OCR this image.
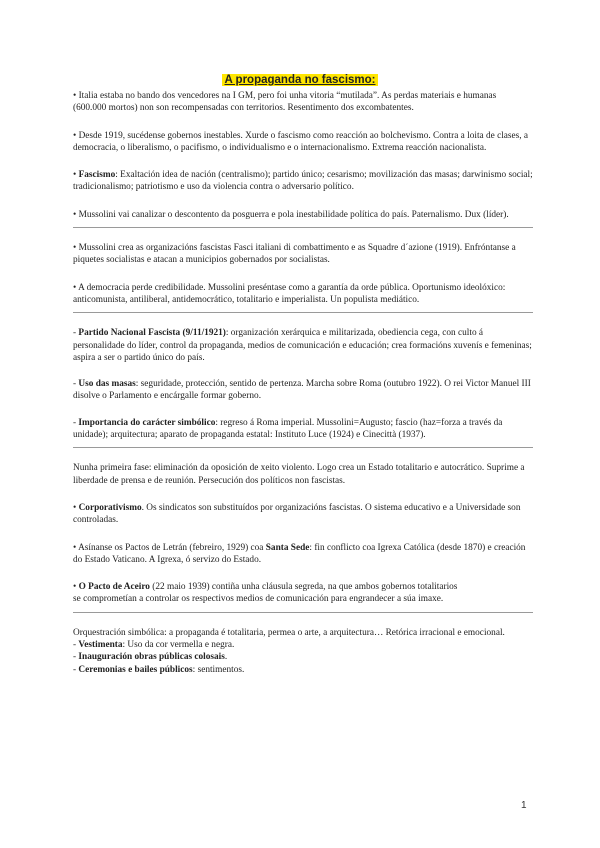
A propaganda no fascismo:

• Italia estaba no bando dos vencedores na I GM, pero foi unha vitoria “mutilada”. As perdas materiais e humanas
(600.000 mortos) non son recompensadas con territorios. Resentimento dos excombatentes.

• Desde 1919, sucédense gobernos inestables. Xurde o fascismo como reacción ao bolchevismo. Contra a loita de clases, a democracia, o liberalismo, o pacifismo, o individualismo e o internacionalismo. Extrema reacción nacionalista.

• Fascismo: Exaltación idea de nación (centralismo); partido único; cesarismo; movilización das masas; darwinismo social; tradicionalismo; patriotismo e uso da violencia contra o adversario político.

• Mussolini vai canalizar o descontento da posguerra e pola inestabilidade política do país. Paternalismo. Dux (líder).

• Mussolini crea as organizacións fascistas Fasci italiani di combattimento e as Squadre d´azione (1919). Enfróntanse a piquetes socialistas e atacan a municipios gobernados por socialistas.

• A democracia perde credibilidade. Mussolini preséntase como a garantía da orde pública. Oportunismo ideolóxico: anticomunista, antiliberal, antidemocrático, totalitario e imperialista. Un populista mediático.

- Partido Nacional Fascista (9/11/1921): organización xerárquica e militarizada, obediencia cega, con culto á personalidade do líder, control da propaganda, medios de comunicación e educación; crea formacións xuvenís e femeninas; aspira a ser o partido único do país.

- Uso das masas: seguridade, protección, sentido de pertenza. Marcha sobre Roma (outubro 1922). O rei Victor Manuel III disolve o Parlamento e encárgalle formar goberno.

- Importancia do carácter simbólico: regreso á Roma imperial. Mussolini=Augusto; fascio (haz=forza a través da unidade); arquitectura; aparato de propaganda estatal: Instituto Luce (1924) e Cinecittà (1937).

Nunha primeira fase: eliminación da oposición de xeito violento. Logo crea un Estado totalitario e autocrático. Suprime a liberdade de prensa e de reunión. Persecución dos políticos non fascistas.

• Corporativismo. Os sindicatos son substituídos por organizacións fascistas. O sistema educativo e a Universidade son controladas.

• Asínanse os Pactos de Letrán (febreiro, 1929) coa Santa Sede: fin conflicto coa Igrexa Católica (desde 1870) e creación do Estado Vaticano. A Igrexa, ó servizo do Estado.

• O Pacto de Aceiro (22 maio 1939) contiña unha cláusula segreda, na que ambos gobernos totalitarios
se comprometían a controlar os respectivos medios de comunicación para engrandecer a súa imaxe.

Orquestración simbólica: a propaganda é totalitaria, permea o arte, a arquitectura… Retórica irracional e emocional.

- Vestimenta: Uso da cor vermella e negra.

- Inauguración obras públicas colosais.

- Ceremonias e bailes públicos: sentimentos.

1
